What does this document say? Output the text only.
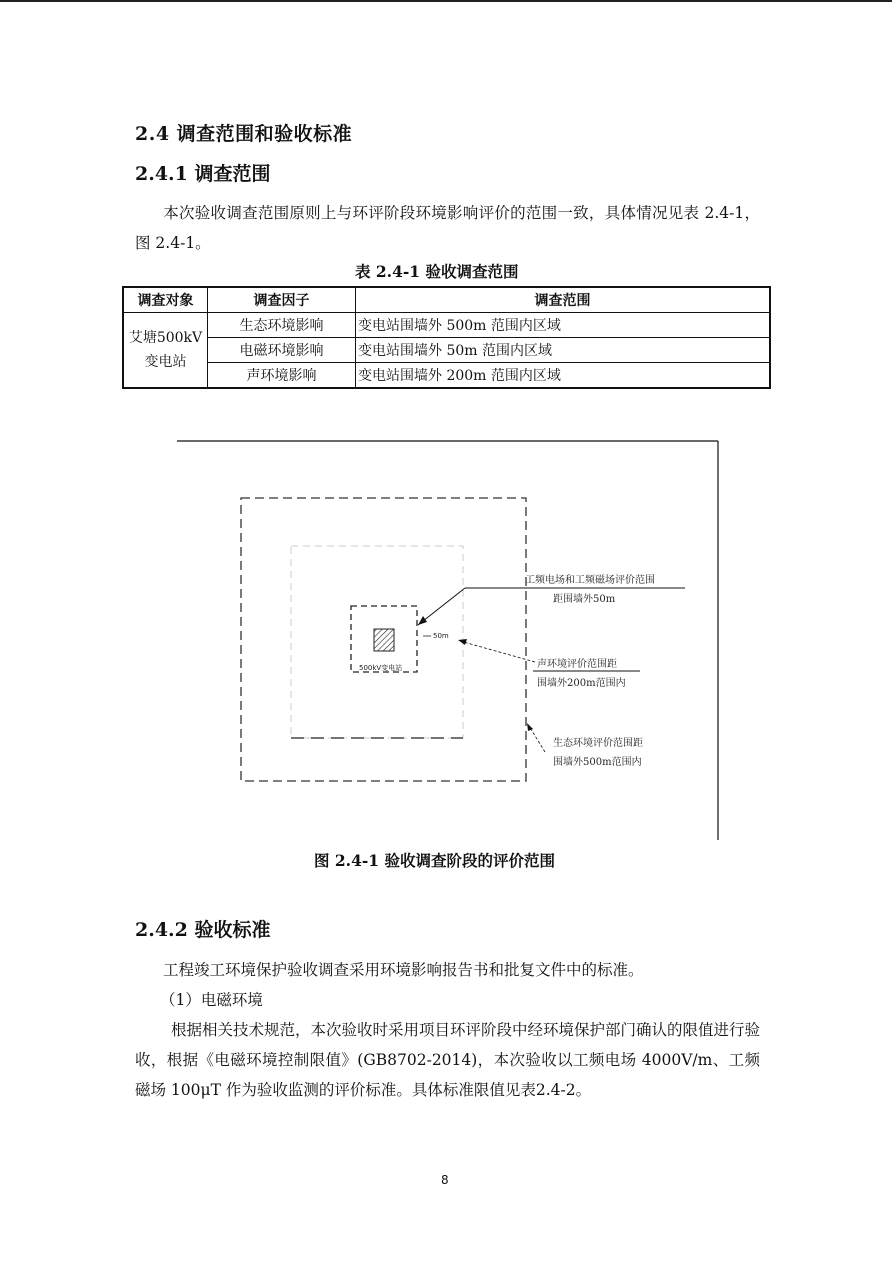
2.4 调查范围和验收标准
2.4.1 调查范围
本次验收调查范围原则上与环评阶段环境影响评价的范围一致，具体情况见表 2.4-1，图 2.4-1。
表 2.4-1 验收调查范围
调查对象	调查因子	调查范围
艾塘500kV 变电站	生态环境影响	变电站围墙外 500m 范围内区域
	电磁环境影响	变电站围墙外 50m 范围内区域
	声环境影响	变电站围墙外 200m 范围内区域
500kV变电站
50m
工频电场和工频磁场评价范围
距围墙外50m
声环境评价范围距
围墙外200m范围内
生态环境评价范围距
围墙外500m范围内
图 2.4-1 验收调查阶段的评价范围
2.4.2 验收标准
工程竣工环境保护验收调查采用环境影响报告书和批复文件中的标准。
（1）电磁环境
根据相关技术规范，本次验收时采用项目环评阶段中经环境保护部门确认的限值进行验收，根据《电磁环境控制限值》(GB8702-2014)，本次验收以工频电场 4000V/m、工频磁场 100μT 作为验收监测的评价标准。具体标准限值见表2.4-2。
8
